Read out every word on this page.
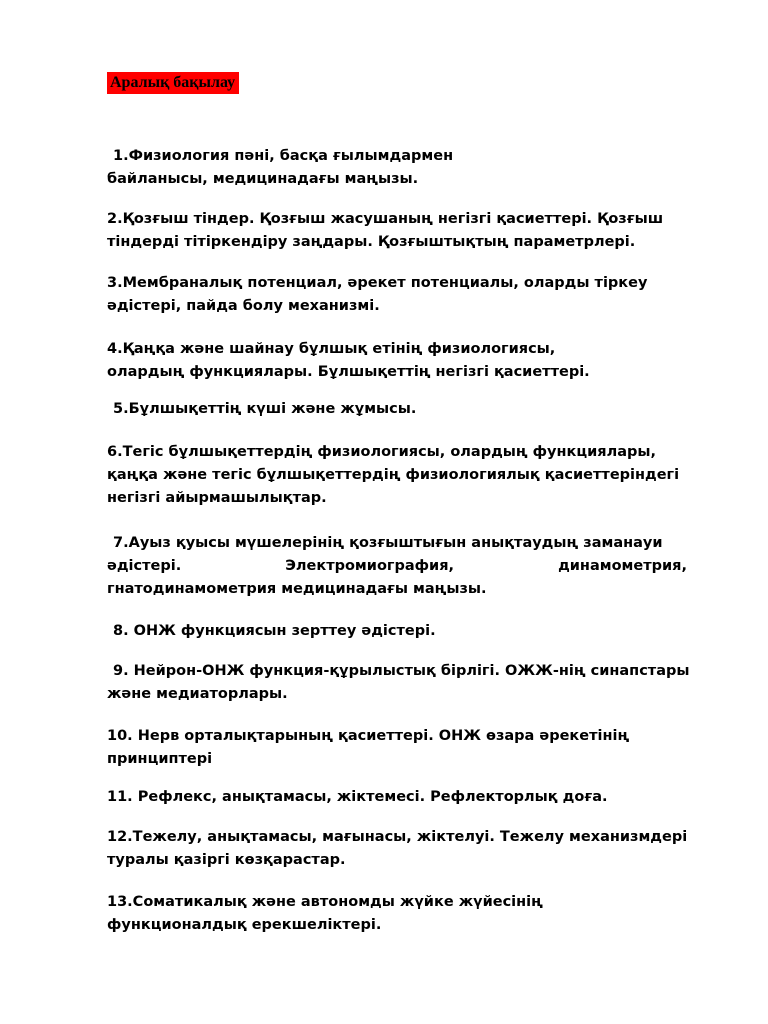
Аралық бақылау

1.Физиология пәні, басқа ғылымдармен
байланысы, медицинадағы маңызы.

2.Қозғыш тіндер. Қозғыш жасушаның негізгі қасиеттері. Қозғыш
тіндерді тітіркендіру заңдары. Қозғыштықтың параметрлері.

3.Мембраналық потенциал, әрекет потенциалы, оларды тіркеу
әдістері, пайда болу механизмі.

4.Қаңқа және шайнау бұлшық етінің физиологиясы,
олардың функциялары. Бұлшықеттің негізгі қасиеттері.

5.Бұлшықеттің күші және жұмысы.

6.Тегіс бұлшықеттердің физиологиясы, олардың функциялары,
қаңқа және тегіс бұлшықеттердің физиологиялық қасиеттеріндегі
негізгі айырмашылықтар.

7.Ауыз қуысы мүшелерінің қозғыштығын анықтаудың заманауи
әдістері. Электромиография, динамометрия,
гнатодинамометрия медицинадағы маңызы.

8. ОНЖ функциясын зерттеу әдістері.

9. Нейрон-ОНЖ функция-құрылыстық бірлігі. ОЖЖ-нің синапстары
және медиаторлары.

10. Нерв орталықтарының қасиеттері. ОНЖ өзара әрекетінің
принциптері

11. Рефлекс, анықтамасы, жіктемесі. Рефлекторлық доға.

12.Тежелу, анықтамасы, мағынасы, жіктелуі. Тежелу механизмдері
туралы қазіргі көзқарастар.

13.Соматикалық және автономды жүйке жүйесінің
функционалдық ерекшеліктері.
